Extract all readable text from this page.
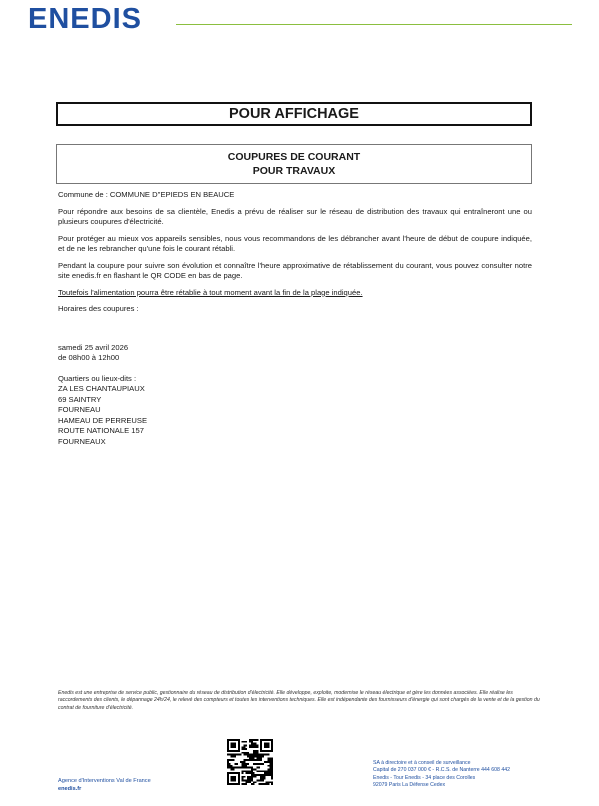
ENEDIS
POUR AFFICHAGE
COUPURES DE COURANT
POUR TRAVAUX

Commune de : COMMUNE D''EPIEDS EN BEAUCE

Pour répondre aux besoins de sa clientèle, Enedis a prévu de réaliser sur le réseau de distribution des travaux qui entraîneront une ou plusieurs coupures d'électricité.

Pour protéger au mieux vos appareils sensibles, nous vous recommandons de les débrancher avant l'heure de début de coupure indiquée, et de ne les rebrancher qu'une fois le courant rétabli.

Pendant la coupure pour suivre son évolution et connaître l'heure approximative de rétablissement du courant, vous pouvez consulter notre site enedis.fr en flashant le QR CODE en bas de page.

Toutefois l'alimentation pourra être rétablie à tout moment avant la fin de la plage indiquée.

Horaires des coupures :

samedi 25 avril 2026
de 08h00 à 12h00
Quartiers ou lieux-dits :
ZA LES CHANTAUPIAUX
69 SAINTRY
FOURNEAU
HAMEAU DE PERREUSE
ROUTE NATIONALE 157
FOURNEAUX
Enedis est une entreprise de service public, gestionnaire du réseau de distribution d'électricité. Elle développe, exploite, modernise le réseau électrique et gère les données associées. Elle réalise les raccordements des clients, le dépannage 24h/24, le relevé des compteurs et toutes les interventions techniques. Elle est indépendante des fournisseurs d'énergie qui sont chargés de la vente et de la gestion du contrat de fourniture d'électricité.
Agence d'Interventions Val de France
enedis.fr
SA à directoire et à conseil de surveillance
Capital de 270 037 000 € - R.C.S. de Nanterre 444 608 442
Enedis - Tour Enedis - 34 place des Corolles
92079 Paris La Défense Cedex
